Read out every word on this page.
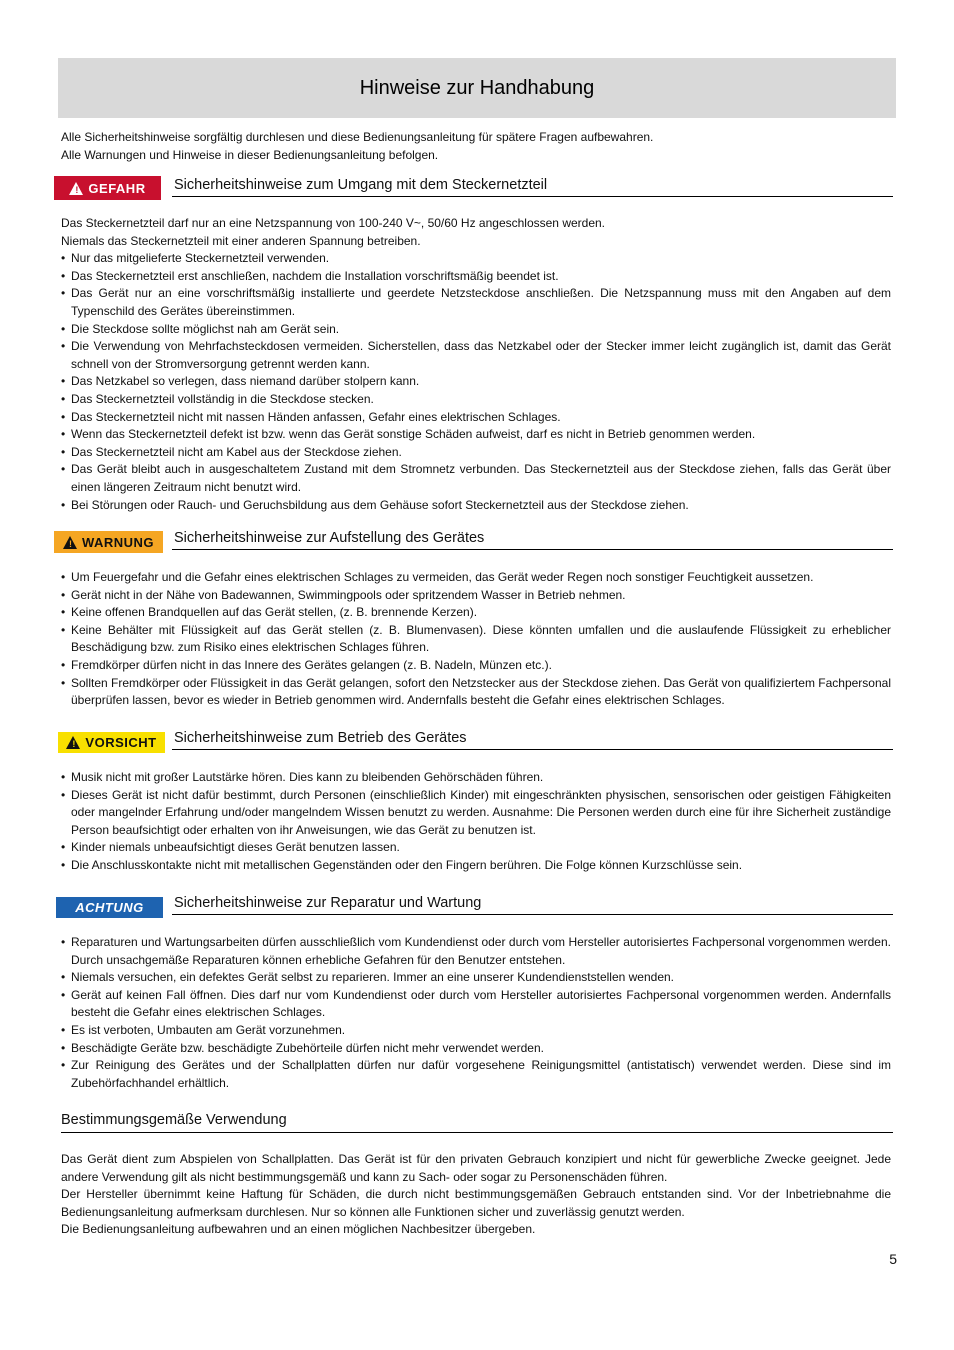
Hinweise zur Handhabung

Alle Sicherheitshinweise sorgfältig durchlesen und diese Bedienungsanleitung für spätere Fragen aufbewahren.

Alle Warnungen und Hinweise in dieser Bedienungsanleitung befolgen.

! GEFAHR Sicherheitshinweise zum Umgang mit dem Steckernetzteil

Das Steckernetzteil darf nur an eine Netzspannung von 100-240 V~, 50/60 Hz angeschlossen werden.

Niemals das Steckernetzteil mit einer anderen Spannung betreiben.

• Nur das mitgelieferte Steckernetzteil verwenden.
• Das Steckernetzteil erst anschließen, nachdem die Installation vorschriftsmäßig beendet ist.
• Das Gerät nur an eine vorschriftsmäßig installierte und geerdete Netzsteckdose anschließen. Die Netzspannung muss mit den Angaben auf dem Typenschild des Gerätes übereinstimmen.
• Die Steckdose sollte möglichst nah am Gerät sein.
• Die Verwendung von Mehrfachsteckdosen vermeiden. Sicherstellen, dass das Netzkabel oder der Stecker immer leicht zugänglich ist, damit das Gerät schnell von der Stromversorgung getrennt werden kann.
• Das Netzkabel so verlegen, dass niemand darüber stolpern kann.
• Das Steckernetzteil vollständig in die Steckdose stecken.
• Das Steckernetzteil nicht mit nassen Händen anfassen, Gefahr eines elektrischen Schlages.
• Wenn das Steckernetzteil defekt ist bzw. wenn das Gerät sonstige Schäden aufweist, darf es nicht in Betrieb genommen werden.
• Das Steckernetzteil nicht am Kabel aus der Steckdose ziehen.
• Das Gerät bleibt auch in ausgeschaltetem Zustand mit dem Stromnetz verbunden. Das Steckernetzteil aus der Steckdose ziehen, falls das Gerät über einen längeren Zeitraum nicht benutzt wird.
• Bei Störungen oder Rauch- und Geruchsbildung aus dem Gehäuse sofort Steckernetzteil aus der Steckdose ziehen.
! WARNUNG Sicherheitshinweise zur Aufstellung des Gerätes
• Um Feuergefahr und die Gefahr eines elektrischen Schlages zu vermeiden, das Gerät weder Regen noch sonstiger Feuchtigkeit aussetzen.
• Gerät nicht in der Nähe von Badewannen, Swimmingpools oder spritzendem Wasser in Betrieb nehmen.
• Keine offenen Brandquellen auf das Gerät stellen, (z. B. brennende Kerzen).
• Keine Behälter mit Flüssigkeit auf das Gerät stellen (z. B. Blumenvasen). Diese könnten umfallen und die auslaufende Flüssigkeit zu erheblicher Beschädigung bzw. zum Risiko eines elektrischen Schlages führen.
• Fremdkörper dürfen nicht in das Innere des Gerätes gelangen (z. B. Nadeln, Münzen etc.).
• Sollten Fremdkörper oder Flüssigkeit in das Gerät gelangen, sofort den Netzstecker aus der Steckdose ziehen. Das Gerät von qualifiziertem Fachpersonal überprüfen lassen, bevor es wieder in Betrieb genommen wird. Andernfalls besteht die Gefahr eines elektrischen Schlages.
! VORSICHT Sicherheitshinweise zum Betrieb des Gerätes
• Musik nicht mit großer Lautstärke hören. Dies kann zu bleibenden Gehörschäden führen.
• Dieses Gerät ist nicht dafür bestimmt, durch Personen (einschließlich Kinder) mit eingeschränkten physischen, sensorischen oder geistigen Fähigkeiten oder mangelnder Erfahrung und/oder mangelndem Wissen benutzt zu werden. Ausnahme: Die Personen werden durch eine für ihre Sicherheit zuständige Person beaufsichtigt oder erhalten von ihr Anweisungen, wie das Gerät zu benutzen ist.
• Kinder niemals unbeaufsichtigt dieses Gerät benutzen lassen.
• Die Anschlusskontakte nicht mit metallischen Gegenständen oder den Fingern berühren. Die Folge können Kurzschlüsse sein.
ACHTUNG Sicherheitshinweise zur Reparatur und Wartung
• Reparaturen und Wartungsarbeiten dürfen ausschließlich vom Kundendienst oder durch vom Hersteller autorisiertes Fachpersonal vorgenommen werden. Durch unsachgemäße Reparaturen können erhebliche Gefahren für den Benutzer entstehen.
• Niemals versuchen, ein defektes Gerät selbst zu reparieren. Immer an eine unserer Kundendienststellen wenden.
• Gerät auf keinen Fall öffnen. Dies darf nur vom Kundendienst oder durch vom Hersteller autorisiertes Fachpersonal vorgenommen werden. Andernfalls besteht die Gefahr eines elektrischen Schlages.
• Es ist verboten, Umbauten am Gerät vorzunehmen.
• Beschädigte Geräte bzw. beschädigte Zubehörteile dürfen nicht mehr verwendet werden.
• Zur Reinigung des Gerätes und der Schallplatten dürfen nur dafür vorgesehene Reinigungsmittel (antistatisch) verwendet werden. Diese sind im Zubehörfachhandel erhältlich.
Bestimmungsgemäße Verwendung

Das Gerät dient zum Abspielen von Schallplatten. Das Gerät ist für den privaten Gebrauch konzipiert und nicht für gewerbliche Zwecke geeignet. Jede andere Verwendung gilt als nicht bestimmungsgemäß und kann zu Sach- oder sogar zu Personenschäden führen.

Der Hersteller übernimmt keine Haftung für Schäden, die durch nicht bestimmungsgemäßen Gebrauch entstanden sind. Vor der Inbetriebnahme die Bedienungsanleitung aufmerksam durchlesen. Nur so können alle Funktionen sicher und zuverlässig genutzt werden.

Die Bedienungsanleitung aufbewahren und an einen möglichen Nachbesitzer übergeben.

5
